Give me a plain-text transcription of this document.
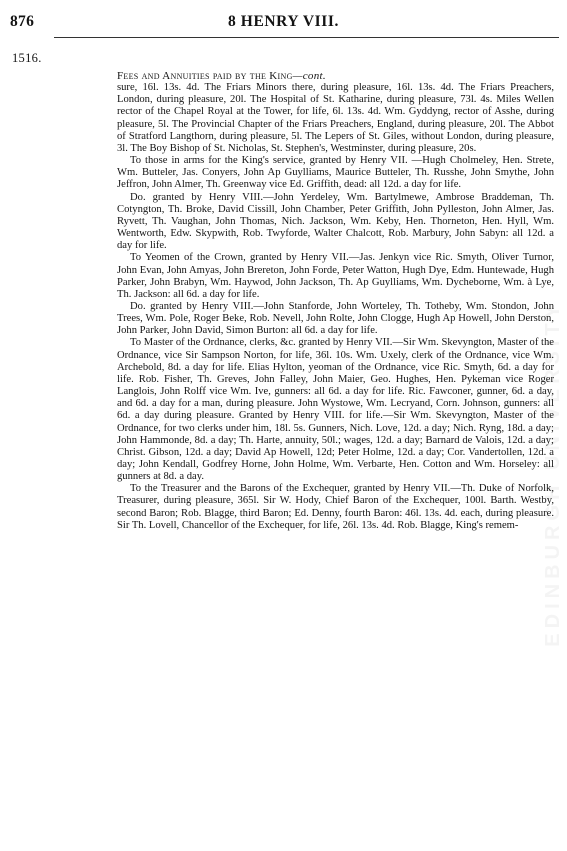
876	8 HENRY VIII.
1516.
EDINBURGH UNIVERSITY

Fees and Annuities paid by the King—cont.

sure, 16l. 13s. 4d. The Friars Minors there, during pleasure, 16l. 13s. 4d. The Friars Preachers, London, during pleasure, 20l. The Hospital of St. Katharine, during pleasure, 73l. 4s. Miles Wellen rector of the Chapel Royal at the Tower, for life, 6l. 13s. 4d. Wm. Gyddyng, rector of Asshe, during pleasure, 5l. The Provincial Chapter of the Friars Preachers, England, during pleasure, 20l. The Abbot of Stratford Langthorn, during pleasure, 5l. The Lepers of St. Giles, without London, during pleasure, 3l. The Boy Bishop of St. Nicholas, St. Stephen's, Westminster, during pleasure, 20s.

To those in arms for the King's service, granted by Henry VII. —Hugh Cholmeley, Hen. Strete, Wm. Butteler, Jas. Conyers, John Ap Guylliams, Maurice Butteler, Th. Russhe, John Smythe, John Jeffron, John Almer, Th. Greenway vice Ed. Griffith, dead: all 12d. a day for life.

Do. granted by Henry VIII.—John Yerdeley, Wm. Bartylmewe, Ambrose Braddeman, Th. Cotyngton, Th. Broke, David Cissill, John Chamber, Peter Griffith, John Pylleston, John Almer, Jas. Ryvett, Th. Vaughan, John Thomas, Nich. Jackson, Wm. Keby, Hen. Thorneton, Hen. Hyll, Wm. Wentworth, Edw. Skypwith, Rob. Twyforde, Walter Chalcott, Rob. Marbury, John Sabyn: all 12d. a day for life.

To Yeomen of the Crown, granted by Henry VII.—Jas. Jenkyn vice Ric. Smyth, Oliver Turnor, John Evan, John Amyas, John Brereton, John Forde, Peter Watton, Hugh Dye, Edm. Huntewade, Hugh Parker, John Brabyn, Wm. Haywod, John Jackson, Th. Ap Guylliams, Wm. Dycheborne, Wm. à Lye, Th. Jackson: all 6d. a day for life.

Do. granted by Henry VIII.—John Stanforde, John Worteley, Th. Totheby, Wm. Stondon, John Trees, Wm. Pole, Roger Beke, Rob. Nevell, John Rolte, John Clogge, Hugh Ap Howell, John Derston, John Parker, John David, Simon Burton: all 6d. a day for life.

To Master of the Ordnance, clerks, &c. granted by Henry VII.—Sir Wm. Skevyngton, Master of the Ordnance, vice Sir Sampson Norton, for life, 36l. 10s. Wm. Uxely, clerk of the Ordnance, vice Wm. Archebold, 8d. a day for life. Elias Hylton, yeoman of the Ordnance, vice Ric. Smyth, 6d. a day for life. Rob. Fisher, Th. Greves, John Falley, John Maier, Geo. Hughes, Hen. Pykeman vice Roger Langlois, John Rolff vice Wm. Ive, gunners: all 6d. a day for life. Ric. Fawconer, gunner, 6d. a day, and 6d. a day for a man, during pleasure. John Wystowe, Wm. Lecryand, Corn. Johnson, gunners: all 6d. a day during pleasure. Granted by Henry VIII. for life.—Sir Wm. Skevyngton, Master of the Ordnance, for two clerks under him, 18l. 5s. Gunners, Nich. Love, 12d. a day; Nich. Ryng, 18d. a day; John Hammonde, 8d. a day; Th. Harte, annuity, 50l.; wages, 12d. a day; Barnard de Valois, 12d. a day; Christ. Gibson, 12d. a day; David Ap Howell, 12d; Peter Holme, 12d. a day; Cor. Vandertollen, 12d. a day; John Kendall, Godfrey Horne, John Holme, Wm. Verbarte, Hen. Cotton and Wm. Horseley: all gunners at 8d. a day.

To the Treasurer and the Barons of the Exchequer, granted by Henry VII.—Th. Duke of Norfolk, Treasurer, during pleasure, 365l. Sir W. Hody, Chief Baron of the Exchequer, 100l. Barth. Westby, second Baron; Rob. Blagge, third Baron; Ed. Denny, fourth Baron: 46l. 13s. 4d. each, during pleasure. Sir Th. Lovell, Chancellor of the Exchequer, for life, 26l. 13s. 4d. Rob. Blagge, King's remem-
